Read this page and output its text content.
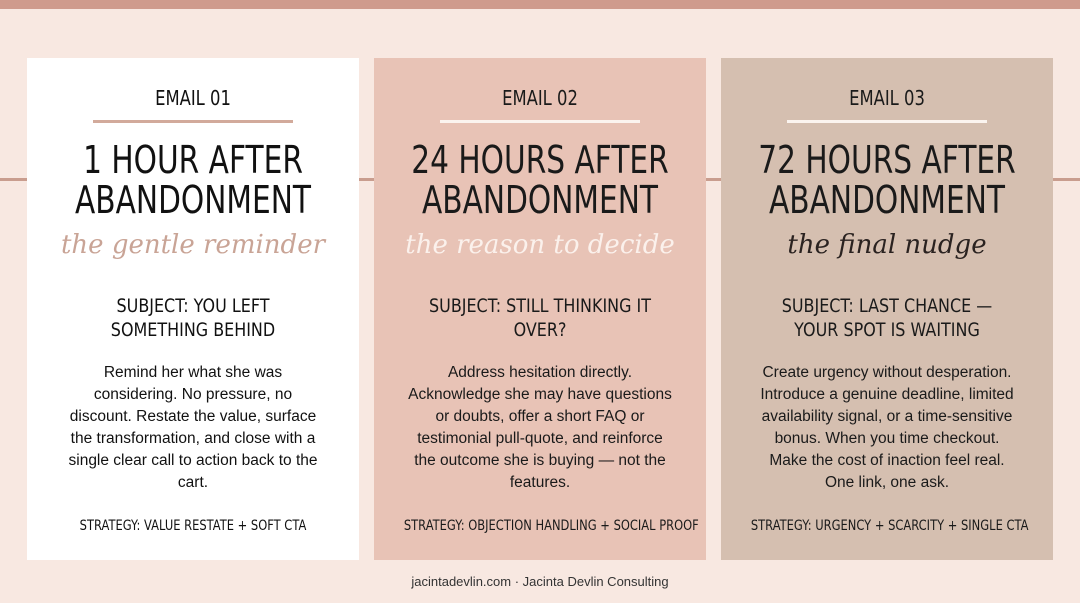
EMAIL 01
1 HOUR AFTER
ABANDONMENT
the gentle reminder
SUBJECT: YOU LEFT SOMETHING BEHIND
Remind her what she was considering. No pressure, no discount. Restate the value, surface the transformation, and close with a single clear call to action back to the cart.
STRATEGY: VALUE RESTATE + SOFT CTA
EMAIL 02
24 HOURS AFTER
ABANDONMENT
the reason to decide
SUBJECT: STILL THINKING IT OVER?
Address hesitation directly. Acknowledge she may have questions or doubts, offer a short FAQ or testimonial pull-quote, and reinforce the outcome she is buying — not the features.
STRATEGY: OBJECTION HANDLING + SOCIAL PROOF
EMAIL 03
72 HOURS AFTER
ABANDONMENT
the final nudge
SUBJECT: LAST CHANCE — YOUR SPOT IS WAITING
Create urgency without desperation. Introduce a genuine deadline, limited availability signal, or a time-sensitive bonus. When you time checkout. Make the cost of inaction feel real. One link, one ask.
STRATEGY: URGENCY + SCARCITY + SINGLE CTA
jacintadevlin.com · Jacinta Devlin Consulting
